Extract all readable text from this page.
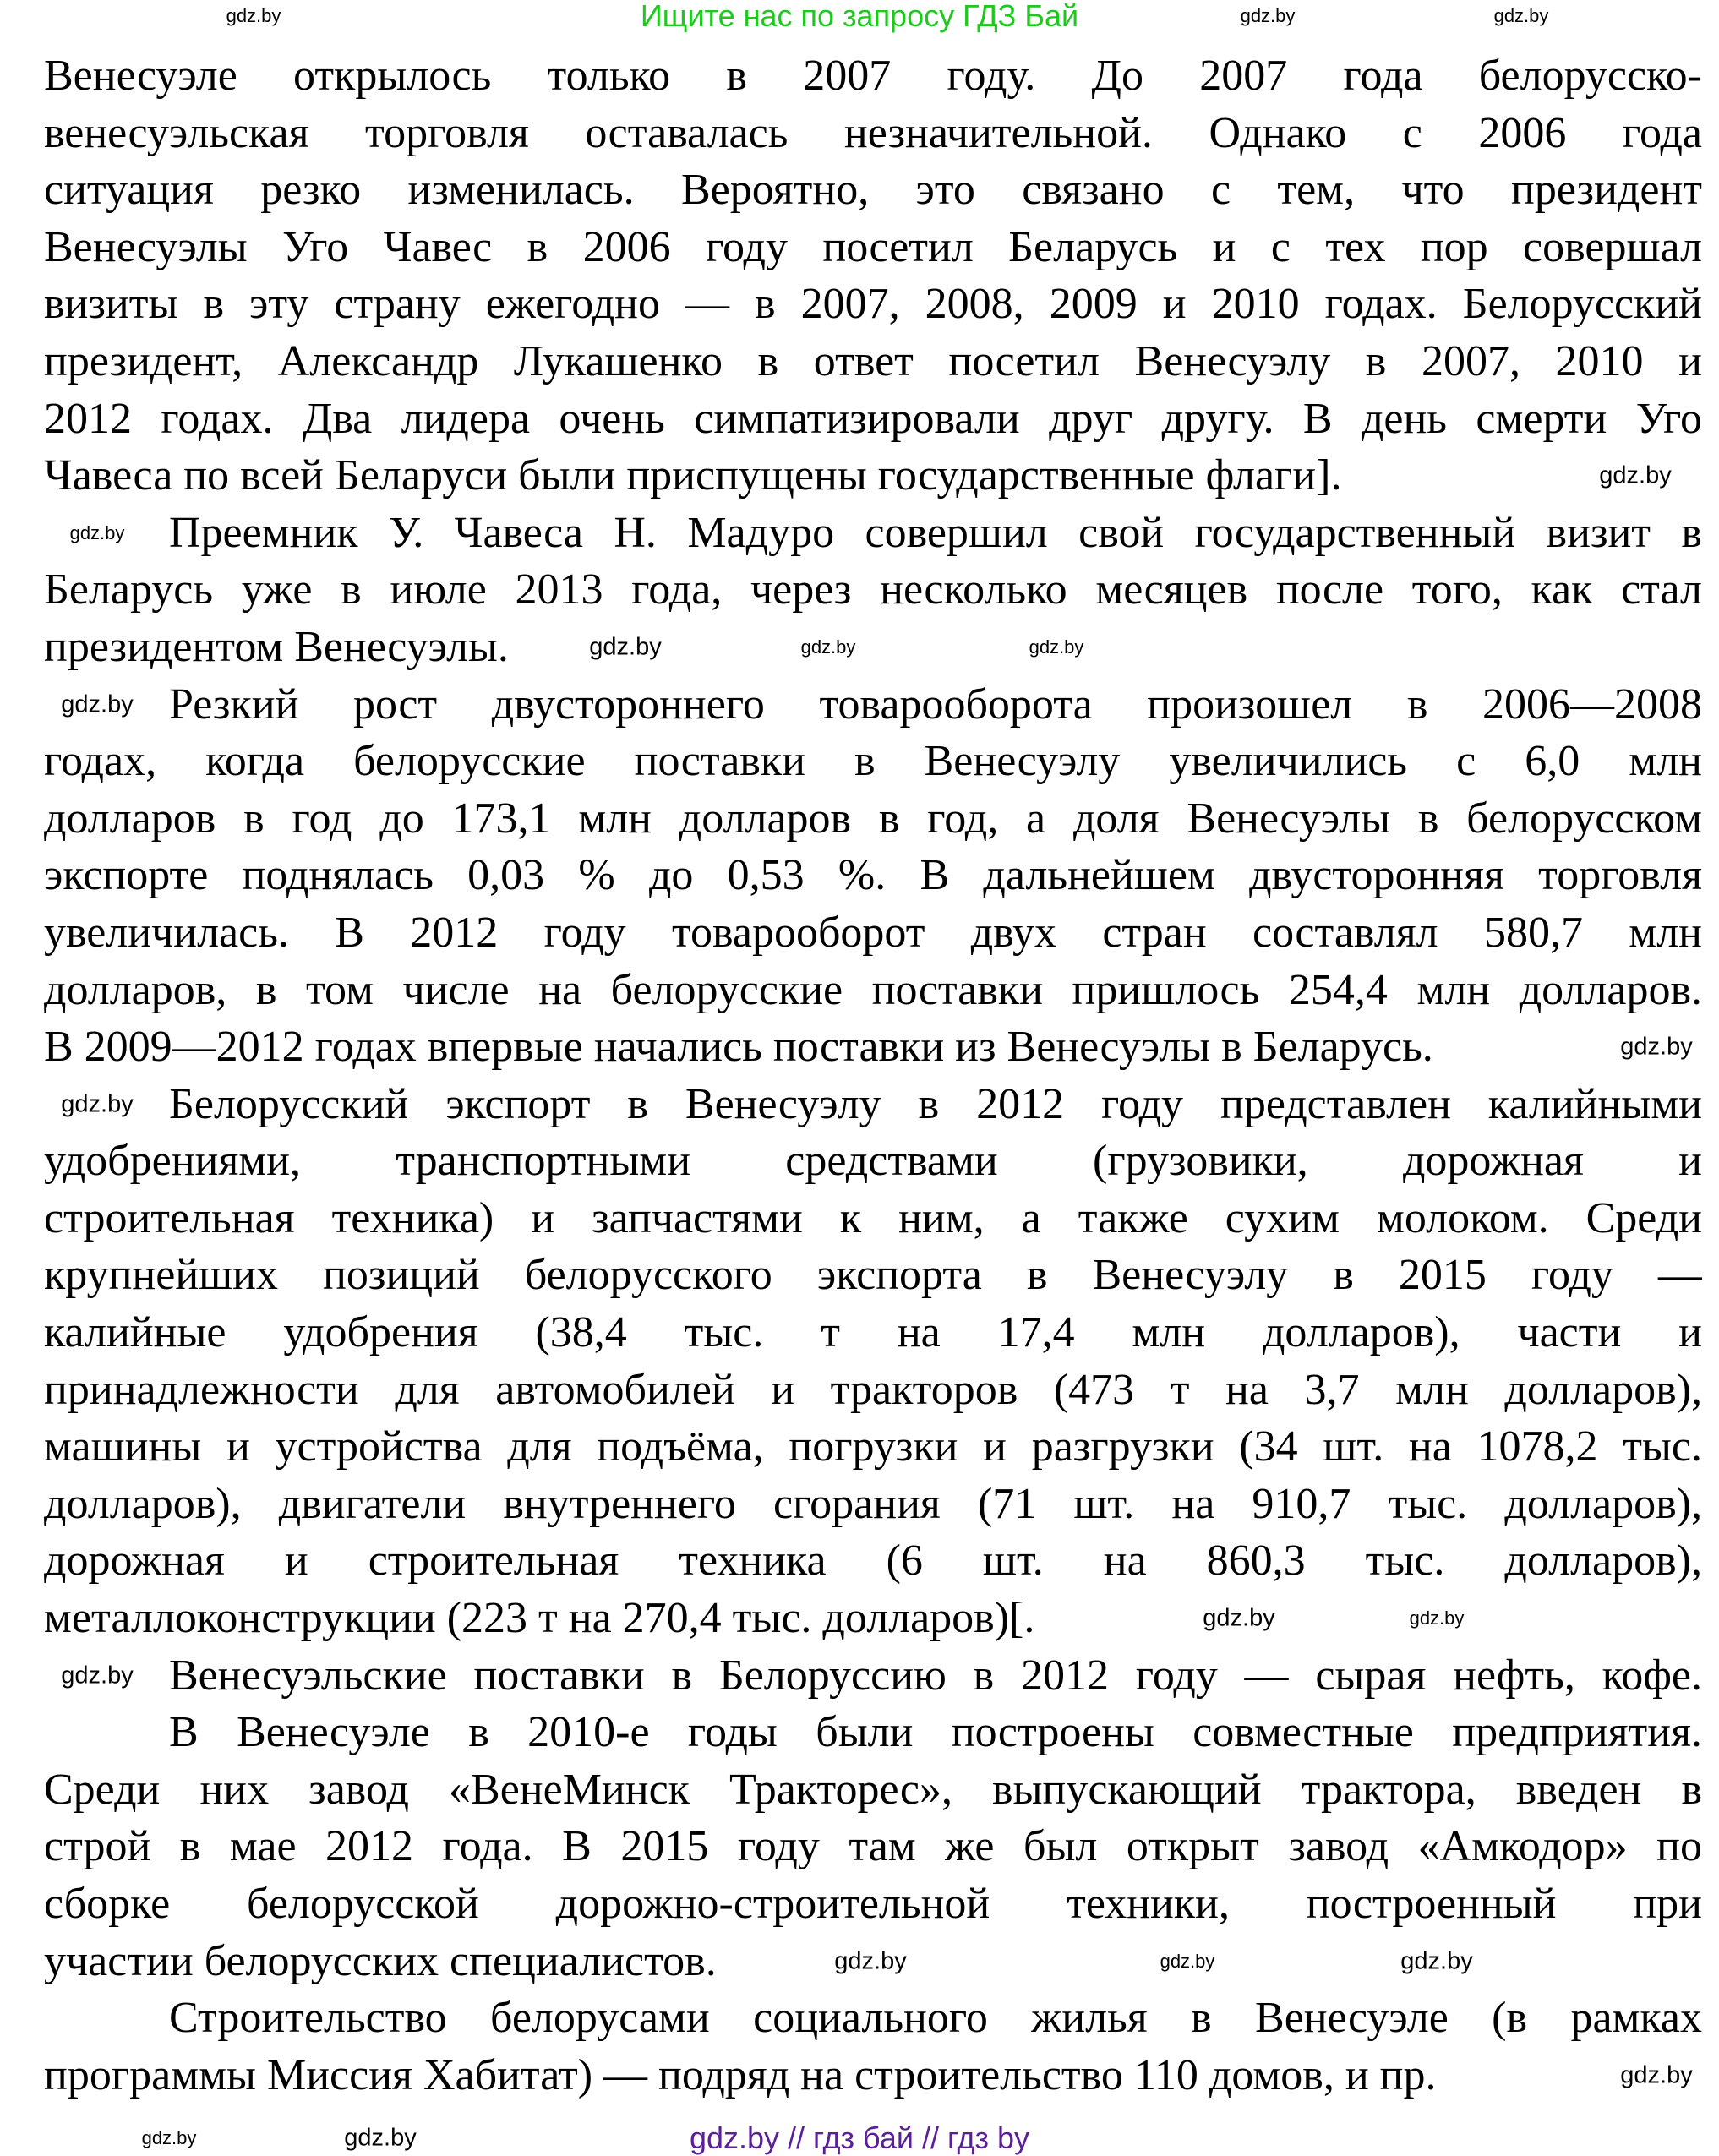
Ищите нас по запросу ГДЗ Бай
Венесуэле открылось только в 2007 году. До 2007 года белорусско-
венесуэльская торговля оставалась незначительной. Однако с 2006 года
ситуация резко изменилась. Вероятно, это связано с тем, что президент
Венесуэлы Уго Чавес в 2006 году посетил Беларусь и с тех пор совершал
визиты в эту страну ежегодно — в 2007, 2008, 2009 и 2010 годах. Белорусский
президент, Александр Лукашенко в ответ посетил Венесуэлу в 2007, 2010 и
2012 годах. Два лидера очень симпатизировали друг другу. В день смерти Уго
Чавеса по всей Беларуси были приспущены государственные флаги].
Преемник У. Чавеса Н. Мадуро совершил свой государственный визит в
Беларусь уже в июле 2013 года, через несколько месяцев после того, как стал
президентом Венесуэлы.
Резкий рост двустороннего товарооборота произошел в 2006—2008
годах, когда белорусские поставки в Венесуэлу увеличились с 6,0 млн
долларов в год до 173,1 млн долларов в год, а доля Венесуэлы в белорусском
экспорте поднялась 0,03 % до 0,53 %. В дальнейшем двусторонняя торговля
увеличилась. В 2012 году товарооборот двух стран составлял 580,7 млн
долларов, в том числе на белорусские поставки пришлось 254,4 млн долларов.
В 2009—2012 годах впервые начались поставки из Венесуэлы в Беларусь.
Белорусский экспорт в Венесуэлу в 2012 году представлен калийными
удобрениями, транспортными средствами (грузовики, дорожная и
строительная техника) и запчастями к ним, а также сухим молоком. Среди
крупнейших позиций белорусского экспорта в Венесуэлу в 2015 году —
калийные удобрения (38,4 тыс. т на 17,4 млн долларов), части и
принадлежности для автомобилей и тракторов (473 т на 3,7 млн долларов),
машины и устройства для подъёма, погрузки и разгрузки (34 шт. на 1078,2 тыс.
долларов), двигатели внутреннего сгорания (71 шт. на 910,7 тыс. долларов),
дорожная и строительная техника (6 шт. на 860,3 тыс. долларов),
металлоконструкции (223 т на 270,4 тыс. долларов)[.
Венесуэльские поставки в Белоруссию в 2012 году — сырая нефть, кофе.
В Венесуэле в 2010-е годы были построены совместные предприятия.
Среди них завод «ВенеМинск Тракторес», выпускающий трактора, введен в
строй в мае 2012 года. В 2015 году там же был открыт завод «Амкодор» по
сборке белорусской дорожно-строительной техники, построенный при
участии белорусских специалистов.
Строительство белорусами социального жилья в Венесуэле (в рамках
программы Миссия Хабитат) — подряд на строительство 110 домов, и пр.
gdz.by
gdz.by
gdz.by
gdz.by
gdz.by
gdz.by	gdz.by
gdz.by
gdz.by
gdz.by
gdz.by
gdz.by
gdz.by
gdz.by
gdz.by
gdz.by
gdz.by
gdz.by
gdz.by
gdz.by	gdz.by // гдз бай // гдз by
